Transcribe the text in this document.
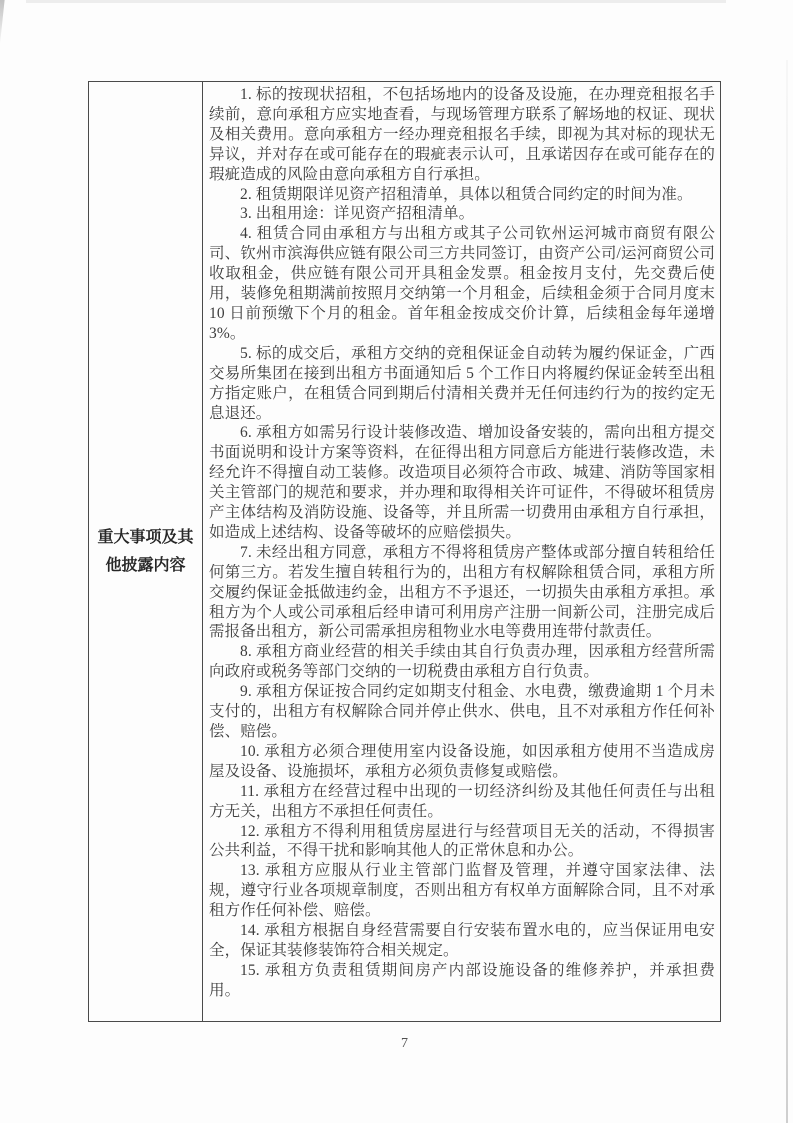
重大事项及其他披露内容

1. 标的按现状招租，不包括场地内的设备及设施，在办理竞租报名手续前，意向承租方应实地查看，与现场管理方联系了解场地的权证、现状及相关费用。意向承租方一经办理竞租报名手续，即视为其对标的现状无异议，并对存在或可能存在的瑕疵表示认可，且承诺因存在或可能存在的瑕疵造成的风险由意向承租方自行承担。

2. 租赁期限详见资产招租清单，具体以租赁合同约定的时间为准。

3. 出租用途：详见资产招租清单。

4. 租赁合同由承租方与出租方或其子公司钦州运河城市商贸有限公司、钦州市滨海供应链有限公司三方共同签订，由资产公司/运河商贸公司收取租金，供应链有限公司开具租金发票。租金按月支付，先交费后使用，装修免租期满前按照月交纳第一个月租金，后续租金须于合同月度末 10 日前预缴下个月的租金。首年租金按成交价计算，后续租金每年递增3%。

5. 标的成交后，承租方交纳的竞租保证金自动转为履约保证金，广西交易所集团在接到出租方书面通知后 5 个工作日内将履约保证金转至出租方指定账户，在租赁合同到期后付清相关费并无任何违约行为的按约定无息退还。

6. 承租方如需另行设计装修改造、增加设备安装的，需向出租方提交书面说明和设计方案等资料，在征得出租方同意后方能进行装修改造，未经允许不得擅自动工装修。改造项目必须符合市政、城建、消防等国家相关主管部门的规范和要求，并办理和取得相关许可证件，不得破坏租赁房产主体结构及消防设施、设备等，并且所需一切费用由承租方自行承担，如造成上述结构、设备等破坏的应赔偿损失。

7. 未经出租方同意，承租方不得将租赁房产整体或部分擅自转租给任何第三方。若发生擅自转租行为的，出租方有权解除租赁合同，承租方所交履约保证金抵做违约金，出租方不予退还，一切损失由承租方承担。承租方为个人或公司承租后经申请可利用房产注册一间新公司，注册完成后需报备出租方，新公司需承担房租物业水电等费用连带付款责任。

8. 承租方商业经营的相关手续由其自行负责办理，因承租方经营所需向政府或税务等部门交纳的一切税费由承租方自行负责。

9. 承租方保证按合同约定如期支付租金、水电费，缴费逾期 1 个月未支付的，出租方有权解除合同并停止供水、供电，且不对承租方作任何补偿、赔偿。

10. 承租方必须合理使用室内设备设施，如因承租方使用不当造成房屋及设备、设施损坏，承租方必须负责修复或赔偿。

11. 承租方在经营过程中出现的一切经济纠纷及其他任何责任与出租方无关，出租方不承担任何责任。

12. 承租方不得利用租赁房屋进行与经营项目无关的活动，不得损害公共利益，不得干扰和影响其他人的正常休息和办公。

13. 承租方应服从行业主管部门监督及管理，并遵守国家法律、法规，遵守行业各项规章制度，否则出租方有权单方面解除合同，且不对承租方作任何补偿、赔偿。

14. 承租方根据自身经营需要自行安装布置水电的，应当保证用电安全，保证其装修装饰符合相关规定。

15. 承租方负责租赁期间房产内部设施设备的维修养护，并承担费用。

7
